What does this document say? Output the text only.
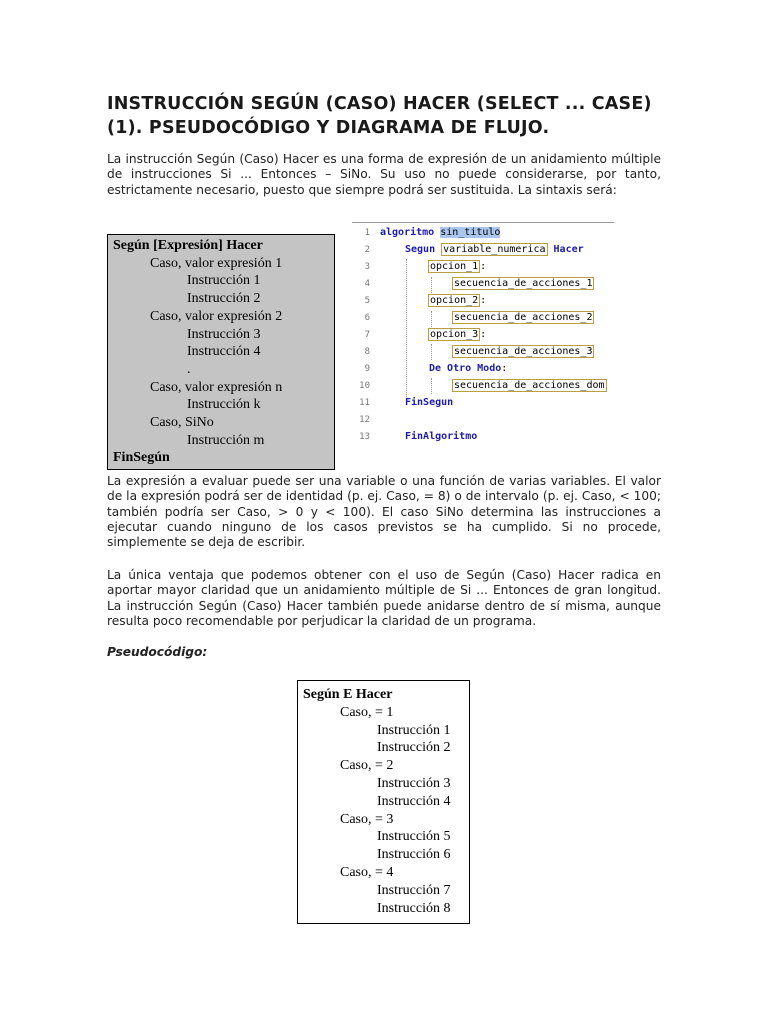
INSTRUCCIÓN SEGÚN (CASO) HACER (SELECT ... CASE) (1). PSEUDOCÓDIGO Y DIAGRAMA DE FLUJO.

La instrucción Según (Caso) Hacer es una forma de expresión de un anidamiento múltiple de instrucciones Si ... Entonces – SiNo. Su uso no puede considerarse, por tanto, estrictamente necesario, puesto que siempre podrá ser sustituida. La sintaxis será:

Según [Expresión] Hacer
Caso, valor expresión 1
Instrucción 1
Instrucción 2
Caso, valor expresión 2
Instrucción 3
Instrucción 4
.
Caso, valor expresión n
Instrucción k
Caso, SiNo
Instrucción m
FinSegún
1 algoritmo sin_titulo
2	Segun variable_numerica Hacer
3	opcion_1 :
4	secuencia_de_acciones_1
5	opcion_2 :
6	secuencia_de_acciones_2
7	opcion_3 :
8	secuencia_de_acciones_3
9	De Otro Modo:
10	secuencia_de_acciones_dom
11	FinSegun
12
13	FinAlgoritmo

La expresión a evaluar puede ser una variable o una función de varias variables. El valor de la expresión podrá ser de identidad (p. ej. Caso, = 8) o de intervalo (p. ej. Caso, < 100; también podría ser Caso, > 0 y < 100). El caso SiNo determina las instrucciones a ejecutar cuando ninguno de los casos previstos se ha cumplido. Si no procede, simplemente se deja de escribir.

La única ventaja que podemos obtener con el uso de Según (Caso) Hacer radica en aportar mayor claridad que un anidamiento múltiple de Si ... Entonces de gran longitud. La instrucción Según (Caso) Hacer también puede anidarse dentro de sí misma, aunque resulta poco recomendable por perjudicar la claridad de un programa.

Pseudocódigo:

Según E Hacer
Caso, = 1
Instrucción 1
Instrucción 2
Caso, = 2
Instrucción 3
Instrucción 4
Caso, = 3
Instrucción 5
Instrucción 6
Caso, = 4
Instrucción 7
Instrucción 8
